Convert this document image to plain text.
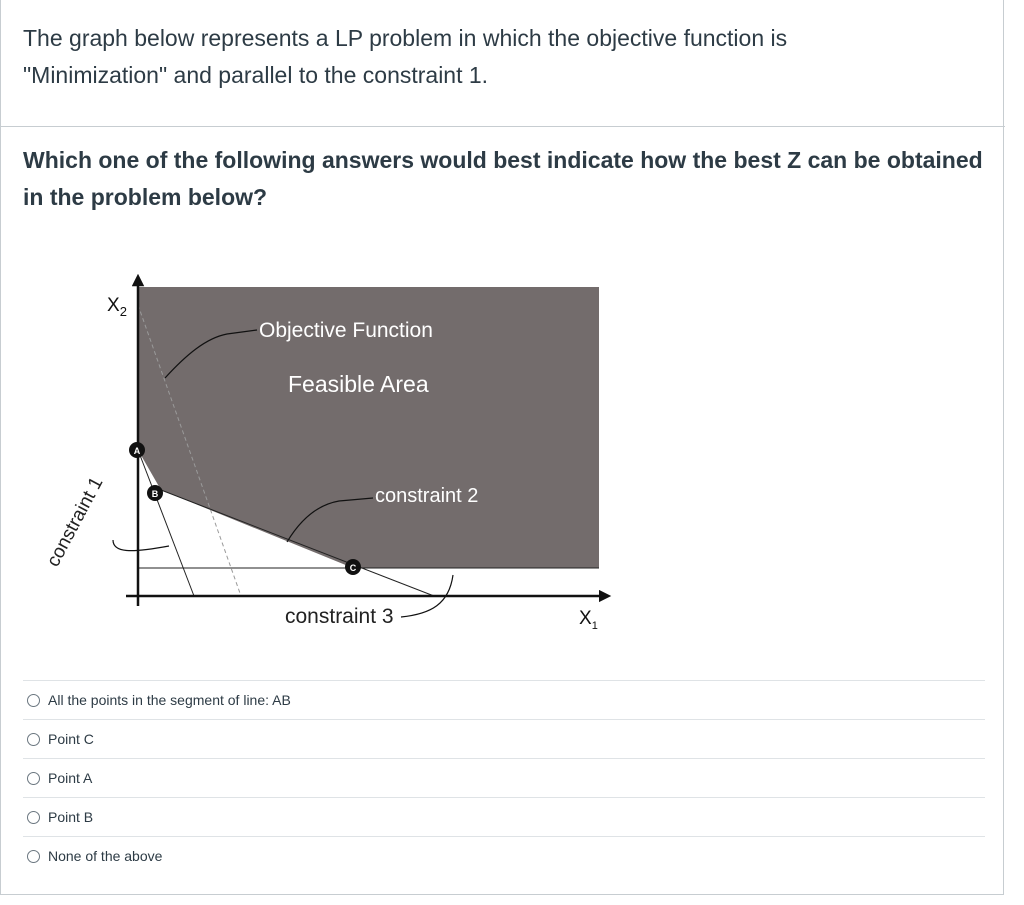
The graph below represents a LP problem in which the objective function is
"Minimization" and parallel to the constraint 1.

Which one of the following answers would best indicate how the best Z can be obtained
in the problem below?

$X_2$
$X_1$
Objective Function
Feasible Area
constraint 2
constraint 3
constraint 1
A
B
C
All the points in the segment of line: AB
Point C
Point A
Point B
None of the above
